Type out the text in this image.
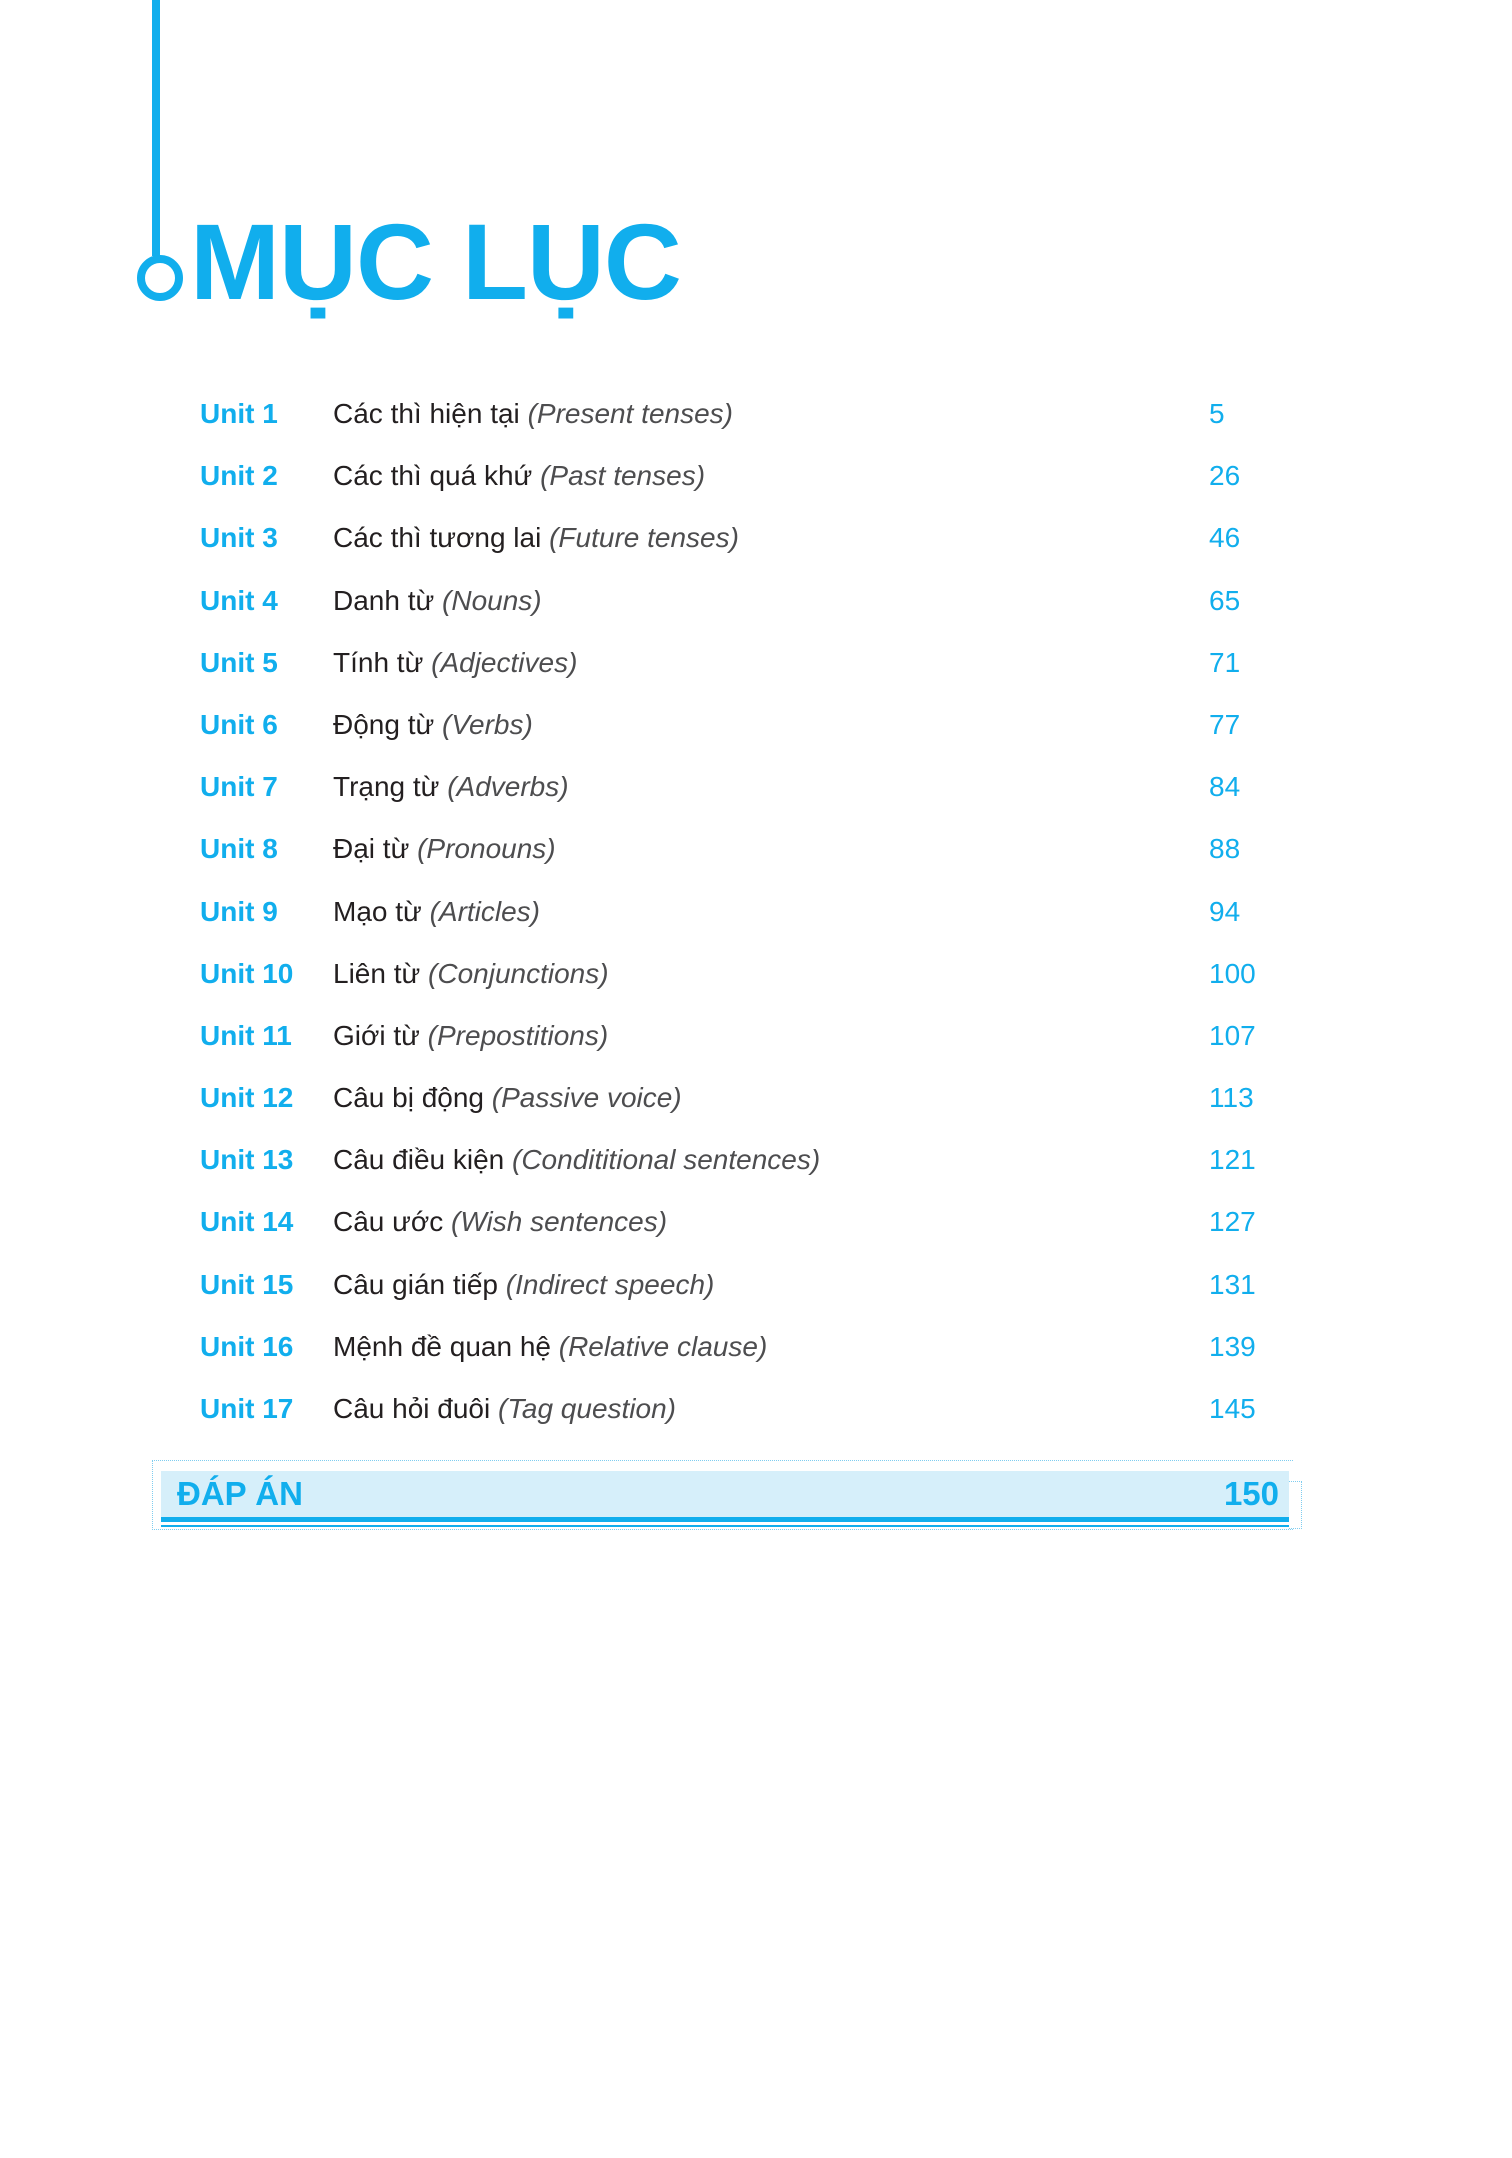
MỤC LỤC
Unit 1 Các thì hiện tại (Present tenses)	5
Unit 2 Các thì quá khứ (Past tenses)	26
Unit 3 Các thì tương lai (Future tenses)	46
Unit 4 Danh từ (Nouns)	65
Unit 5 Tính từ (Adjectives)	71
Unit 6 Động từ (Verbs)	77
Unit 7 Trạng từ (Adverbs)	84
Unit 8 Đại từ (Pronouns)	88
Unit 9 Mạo từ (Articles)	94
Unit 10 Liên từ (Conjunctions)	100
Unit 11 Giới từ (Prepostitions)	107
Unit 12 Câu bị động (Passive voice)	113
Unit 13 Câu điều kiện (Condititional sentences)	121
Unit 14 Câu ước (Wish sentences)	127
Unit 15 Câu gián tiếp (Indirect speech)	131
Unit 16 Mệnh đề quan hệ (Relative clause)	139
Unit 17 Câu hỏi đuôi (Tag question)	145
ĐÁP ÁN	150
